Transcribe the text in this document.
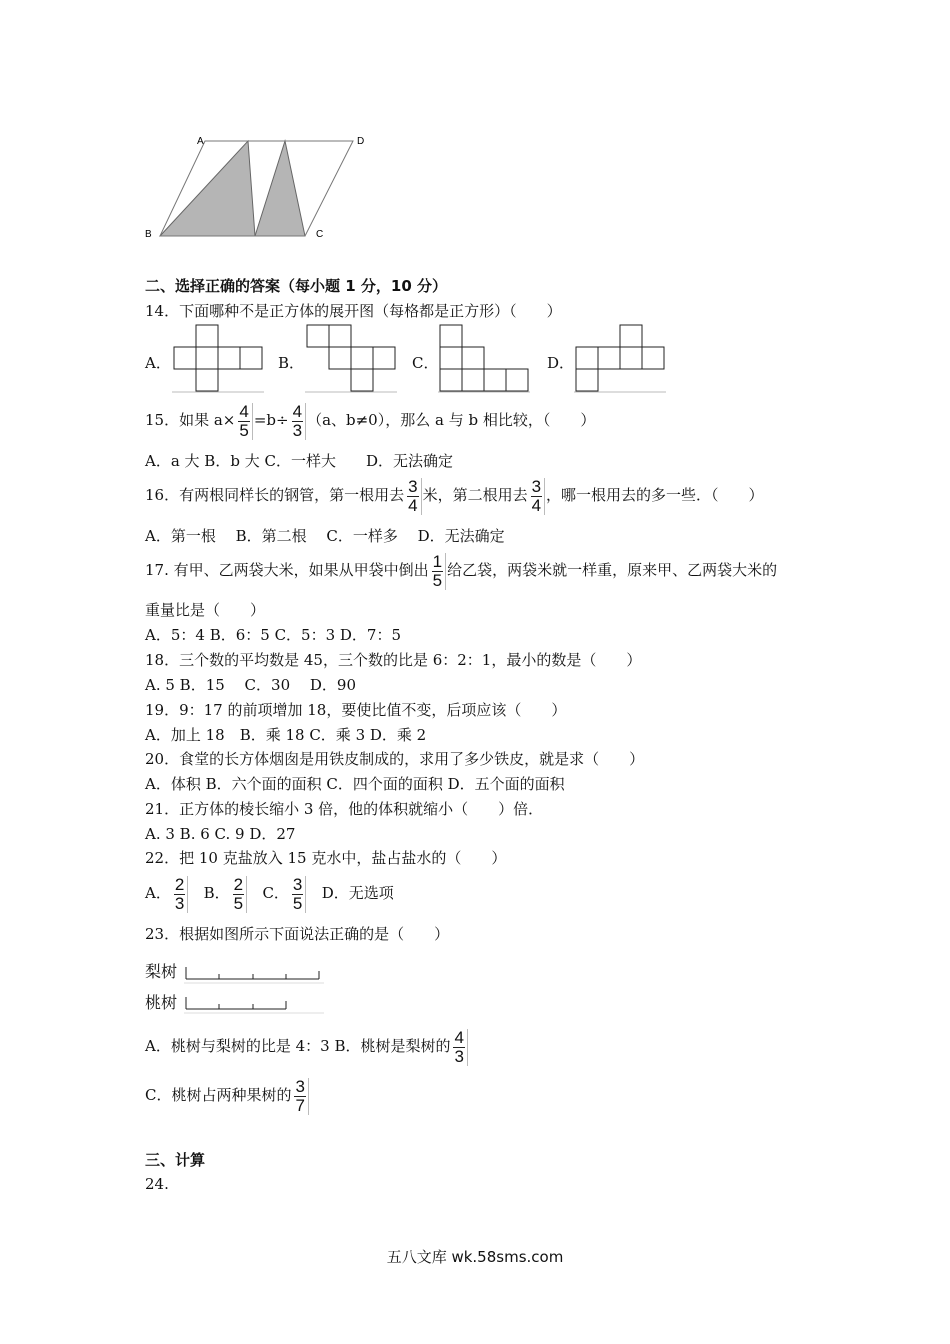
A	D
B	C
二、选择正确的答案（每小题 1 分，10 分）
14．下面哪种不是正方体的展开图（每格都是正方形）（　　）
A．	B．	C．	D．
15．如果 $a\times \frac{4}{5} =b\div \frac{4}{3} (a$、b≠0），那么 a 与 b 相比较，（　　）
A．a 大 B．b 大 C．一样大　　D．无法确定
16．有两根同样长的钢管，第一根用去 $\frac{3}{4}$ 米，第二根用去 $\frac{3}{4}$ ，哪一根用去的多一些．（　　）
A．第一根　 B．第二根　 C．一样多　 D．无法确定
17. 有甲、乙两袋大米，如果从甲袋中倒出 $\frac{1}{5}$ 给乙袋，两袋米就一样重，原来甲、乙两袋大米的
重量比是（　　）
A．5：4 B．6：5 C．5：3 D．7：5
18．三个数的平均数是 45，三个数的比是 6：2：1，最小的数是（　　）
A. 5 B．15　 C．30　 D．90
19．9：17 的前项增加 18，要使比值不变，后项应该（　　）
A．加上 18　B．乘 18 C．乘 3 D．乘 2
20．食堂的长方体烟囱是用铁皮制成的，求用了多少铁皮，就是求（　　）
A．体积 B．六个面的面积 C．四个面的面积 D．五个面的面积
21．正方体的棱长缩小 3 倍，他的体积就缩小（　　）倍．
A. 3 B. 6 C. 9 D．27
22．把 10 克盐放入 15 克水中，盐占盐水的（　　）
A． $\frac{2}{3}$ B． $\frac{2}{5}$ C． $\frac{3}{5}$ D．无选项
23．根据如图所示下面说法正确的是（　　）
梨树
桃树
A．桃树与梨树的比是 4：3 B．桃树是梨树的 $\frac{4}{3}$
C．桃树占两种果树的 $\frac{3}{7}$
三、计算
24.
五八文库 wk.58sms.com
